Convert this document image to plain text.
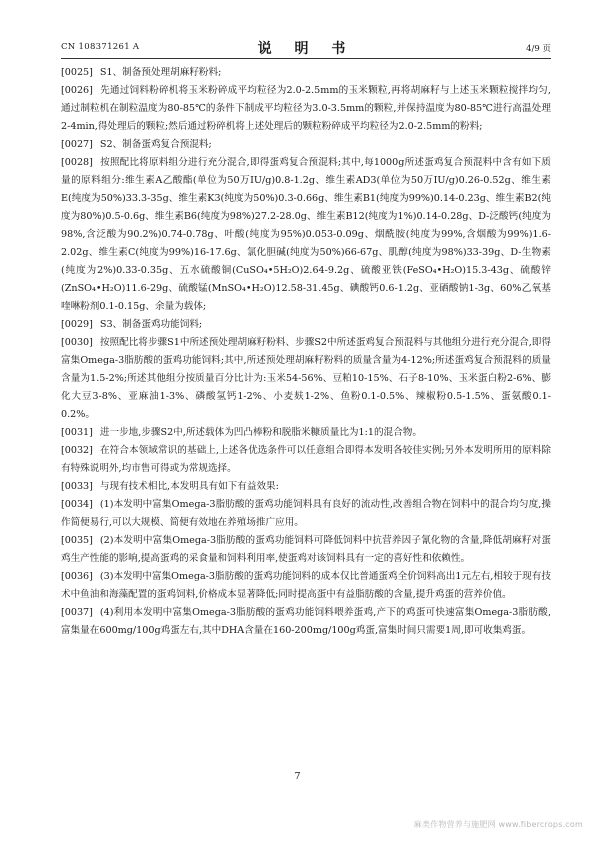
CN 108371261 A	说 明 书	4/9 页

[0025] S1、制备预处理胡麻籽粉料;

[0026] 先通过饲料粉碎机将玉米粉碎成平均粒径为2.0-2.5mm的玉米颗粒,再将胡麻籽与上述玉米颗粒搅拌均匀,通过制粒机在制粒温度为80-85℃的条件下制成平均粒径为3.0-3.5mm的颗粒,并保持温度为80-85℃进行高温处理2-4min,得处理后的颗粒;然后通过粉碎机将上述处理后的颗粒粉碎成平均粒径为2.0-2.5mm的粉料;

[0027] S2、制备蛋鸡复合预混料;

[0028] 按照配比将原料组分进行充分混合,即得蛋鸡复合预混料;其中,每1000g所述蛋鸡复合预混料中含有如下质量的原料组分:维生素A乙酸酯(单位为50万IU/g)0.8-1.2g、维生素AD3(单位为50万IU/g)0.26-0.52g、维生素E(纯度为50%)33.3-35g、维生素K3(纯度为50%)0.3-0.66g、维生素B1(纯度为99%)0.14-0.23g、维生素B2(纯度为80%)0.5-0.6g、维生素B6(纯度为98%)27.2-28.0g、维生素B12(纯度为1%)0.14-0.28g、D-泛酸钙(纯度为98%,含泛酸为90.2%)0.74-0.78g、叶酸(纯度为95%)0.053-0.09g、烟酰胺(纯度为99%,含烟酸为99%)1.6-2.02g、维生素C(纯度为99%)16-17.6g、氯化胆碱(纯度为50%)66-67g、肌醇(纯度为98%)33-39g、D-生物素(纯度为2%)0.33-0.35g、五水硫酸铜(CuSO₄•5H₂O)2.64-9.2g、硫酸亚铁(FeSO₄•H₂O)15.3-43g、硫酸锌(ZnSO₄•H₂O)11.6-29g、硫酸锰(MnSO₄•H₂O)12.58-31.45g、碘酸钙0.6-1.2g、亚硒酸钠1-3g、60%乙氧基喹啉粉剂0.1-0.15g、余量为载体;

[0029] S3、制备蛋鸡功能饲料;

[0030] 按照配比将步骤S1中所述预处理胡麻籽粉料、步骤S2中所述蛋鸡复合预混料与其他组分进行充分混合,即得富集Omega-3脂肪酸的蛋鸡功能饲料;其中,所述预处理胡麻籽粉料的质量含量为4-12%;所述蛋鸡复合预混料的质量含量为1.5-2%;所述其他组分按质量百分比计为:玉米54-56%、豆粕10-15%、石子8-10%、玉米蛋白粉2-6%、膨化大豆3-8%、亚麻油1-3%、磷酸氢钙1-2%、小麦麸1-2%、鱼粉0.1-0.5%、辣椒粉0.5-1.5%、蛋氨酸0.1-0.2%。

[0031] 进一步地,步骤S2中,所述载体为凹凸棒粉和脱脂米糠质量比为1:1的混合物。

[0032] 在符合本领域常识的基础上,上述各优选条件可以任意组合即得本发明各较佳实例;另外本发明所用的原料除有特殊说明外,均市售可得或为常规选择。

[0033] 与现有技术相比,本发明具有如下有益效果:

[0034] (1)本发明中富集Omega-3脂肪酸的蛋鸡功能饲料具有良好的流动性,改善组合物在饲料中的混合均匀度,操作简便易行,可以大规模、简便有效地在养殖场推广应用。

[0035] (2)本发明中富集Omega-3脂肪酸的蛋鸡功能饲料可降低饲料中抗营养因子氰化物的含量,降低胡麻籽对蛋鸡生产性能的影响,提高蛋鸡的采食量和饲料利用率,使蛋鸡对该饲料具有一定的喜好性和依赖性。

[0036] (3)本发明中富集Omega-3脂肪酸的蛋鸡功能饲料的成本仅比普通蛋鸡全价饲料高出1元左右,相较于现有技术中鱼油和海藻配置的蛋鸡饲料,价格成本显著降低;同时提高蛋中有益脂肪酸的含量,提升鸡蛋的营养价值。

[0037] (4)利用本发明中富集Omega-3脂肪酸的蛋鸡功能饲料喂养蛋鸡,产下的鸡蛋可快速富集Omega-3脂肪酸,富集量在600mg/100g鸡蛋左右,其中DHA含量在160-200mg/100g鸡蛋,富集时间只需要1周,即可收集鸡蛋。

7
麻类作物营养与施肥网 www.fibercrops.com
